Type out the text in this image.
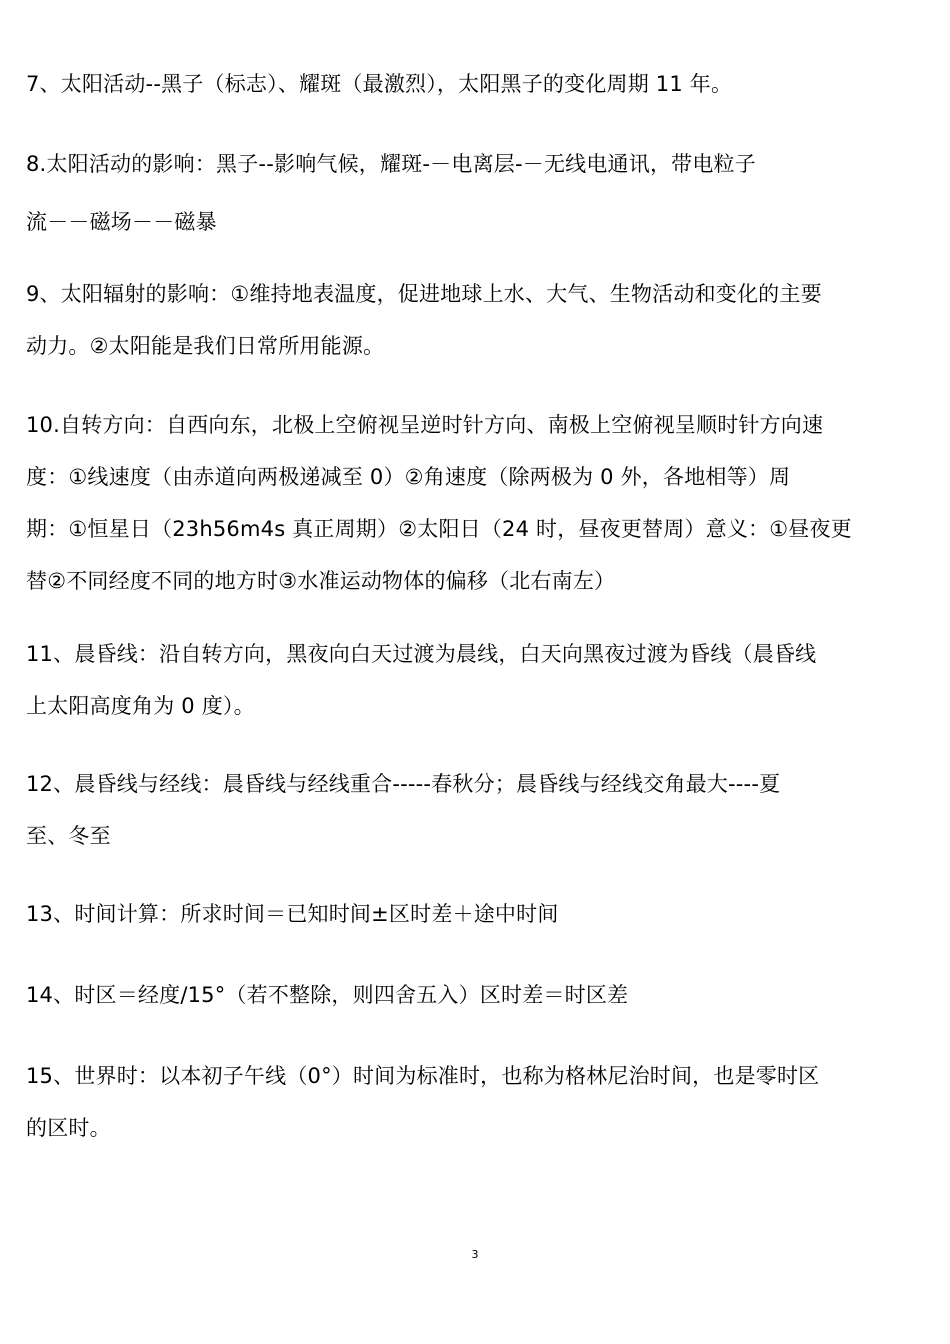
7、太阳活动--黑子（标志）、耀斑（最激烈），太阳黑子的变化周期 11 年。
8.太阳活动的影响：黑子--影响气候，耀斑-－电离层-－无线电通讯，带电粒子
流－－磁场－－磁暴
9、太阳辐射的影响：①维持地表温度，促进地球上水、大气、生物活动和变化的主要
动力。②太阳能是我们日常所用能源。
10.自转方向：自西向东，北极上空俯视呈逆时针方向、南极上空俯视呈顺时针方向速
度：①线速度（由赤道向两极递减至 0）②角速度（除两极为 0 外，各地相等）周
期：①恒星日（23h56m4s 真正周期）②太阳日（24 时，昼夜更替周）意义：①昼夜更
替②不同经度不同的地方时③水准运动物体的偏移（北右南左）
11、晨昏线：沿自转方向，黑夜向白天过渡为晨线，白天向黑夜过渡为昏线（晨昏线
上太阳高度角为 0 度）。
12、晨昏线与经线：晨昏线与经线重合-----春秋分；晨昏线与经线交角最大----夏
至、冬至
13、时间计算：所求时间＝已知时间±区时差＋途中时间
14、时区＝经度/15°（若不整除，则四舍五入）区时差＝时区差
15、世界时：以本初子午线（0°）时间为标准时，也称为格林尼治时间，也是零时区
的区时。
3
